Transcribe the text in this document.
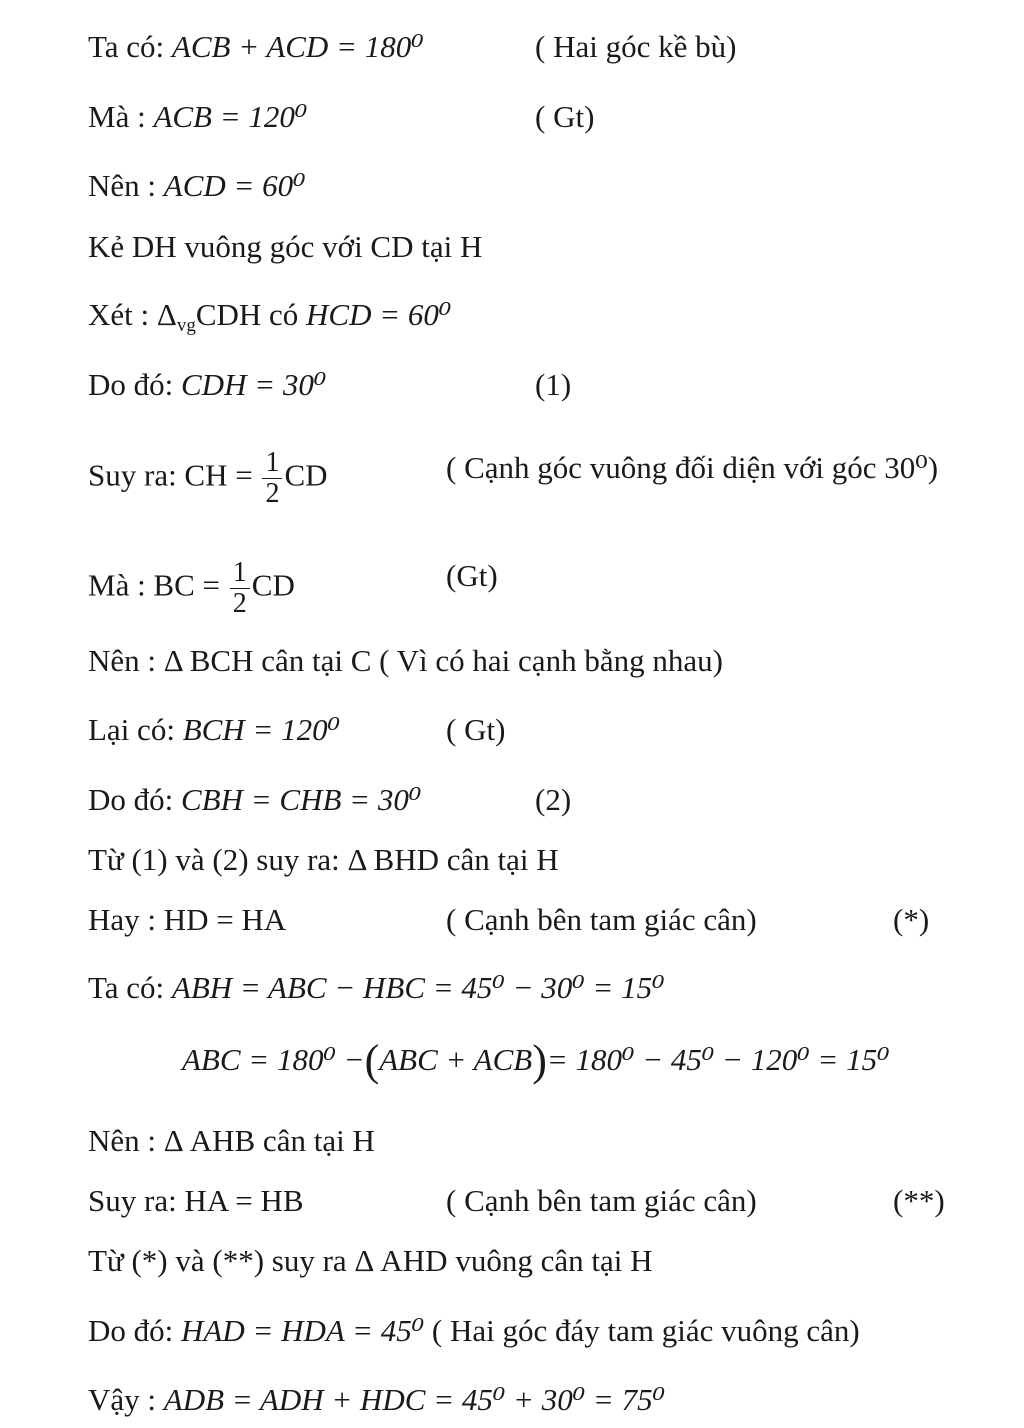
Ta có: ACB + ACD = 180⁰	( Hai góc kề bù)
Mà : ACB = 120⁰	( Gt)
Nên : ACD = 60⁰
Kẻ DH vuông góc với CD tại H
Xét : $\Delta_{vg}CDH$ có HCD = 60⁰
Do đó: CDH = 30⁰	(1)
Suy ra: CH = $\frac{1}{2}$ CD	( Cạnh góc vuông đối diện với góc 30⁰)
Mà : BC = $\frac{1}{2}$ CD	(Gt)
Nên : Δ BCH cân tại C ( Vì có hai cạnh bằng nhau)
Lại có: BCH = 120⁰	( Gt)
Do đó: CBH = CHB = 30⁰	(2)
Từ (1) và (2) suy ra: Δ BHD cân tại H
Hay : HD = HA	( Cạnh bên tam giác cân)	(*)
Ta có: ABH = ABC − HBC = 45⁰ − 30⁰ = 15⁰
ABC = 180⁰ −(ABC + ACB)= 180⁰ − 45⁰ − 120⁰ = 15⁰
Nên : Δ AHB cân tại H
Suy ra: HA = HB	( Cạnh bên tam giác cân)	(**)
Từ (*) và (**) suy ra Δ AHD vuông cân tại H
Do đó: HAD = HDA = 45⁰ ( Hai góc đáy tam giác vuông cân)
Vậy : ADB = ADH + HDC = 45⁰ + 30⁰ = 75⁰
